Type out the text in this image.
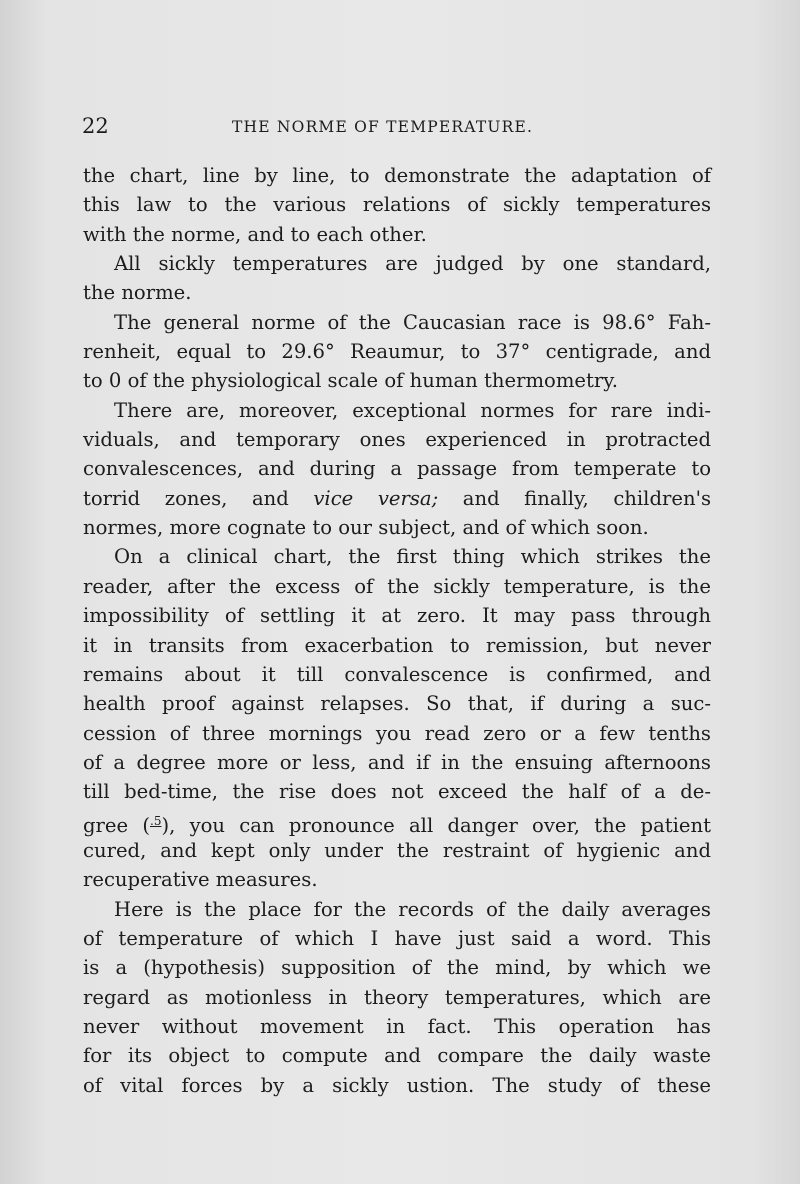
22	THE NORME OF TEMPERATURE.
the chart, line by line, to demonstrate the adaptation of
this law to the various relations of sickly temperatures
with the norme, and to each other.
All sickly temperatures are judged by one standard,
the norme.
The general norme of the Caucasian race is 98.6° Fah-
renheit, equal to 29.6° Reaumur, to 37° centigrade, and
to 0 of the physiological scale of human thermometry.
There are, moreover, exceptional normes for rare indi-
viduals, and temporary ones experienced in protracted
convalescences, and during a passage from temperate to
torrid zones, and vice versa; and finally, children's
normes, more cognate to our subject, and of which soon.
On a clinical chart, the first thing which strikes the
reader, after the excess of the sickly temperature, is the
impossibility of settling it at zero. It may pass through
it in transits from exacerbation to remission, but never
remains about it till convalescence is confirmed, and
health proof against relapses. So that, if during a suc-
cession of three mornings you read zero or a few tenths
of a degree more or less, and if in the ensuing afternoons
till bed-time, the rise does not exceed the half of a de-
gree ($^{.5}$), you can pronounce all danger over, the patient
cured, and kept only under the restraint of hygienic and
recuperative measures.
Here is the place for the records of the daily averages
of temperature of which I have just said a word. This
is a (hypothesis) supposition of the mind, by which we
regard as motionless in theory temperatures, which are
never without movement in fact. This operation has
for its object to compute and compare the daily waste
of vital forces by a sickly ustion. The study of these
